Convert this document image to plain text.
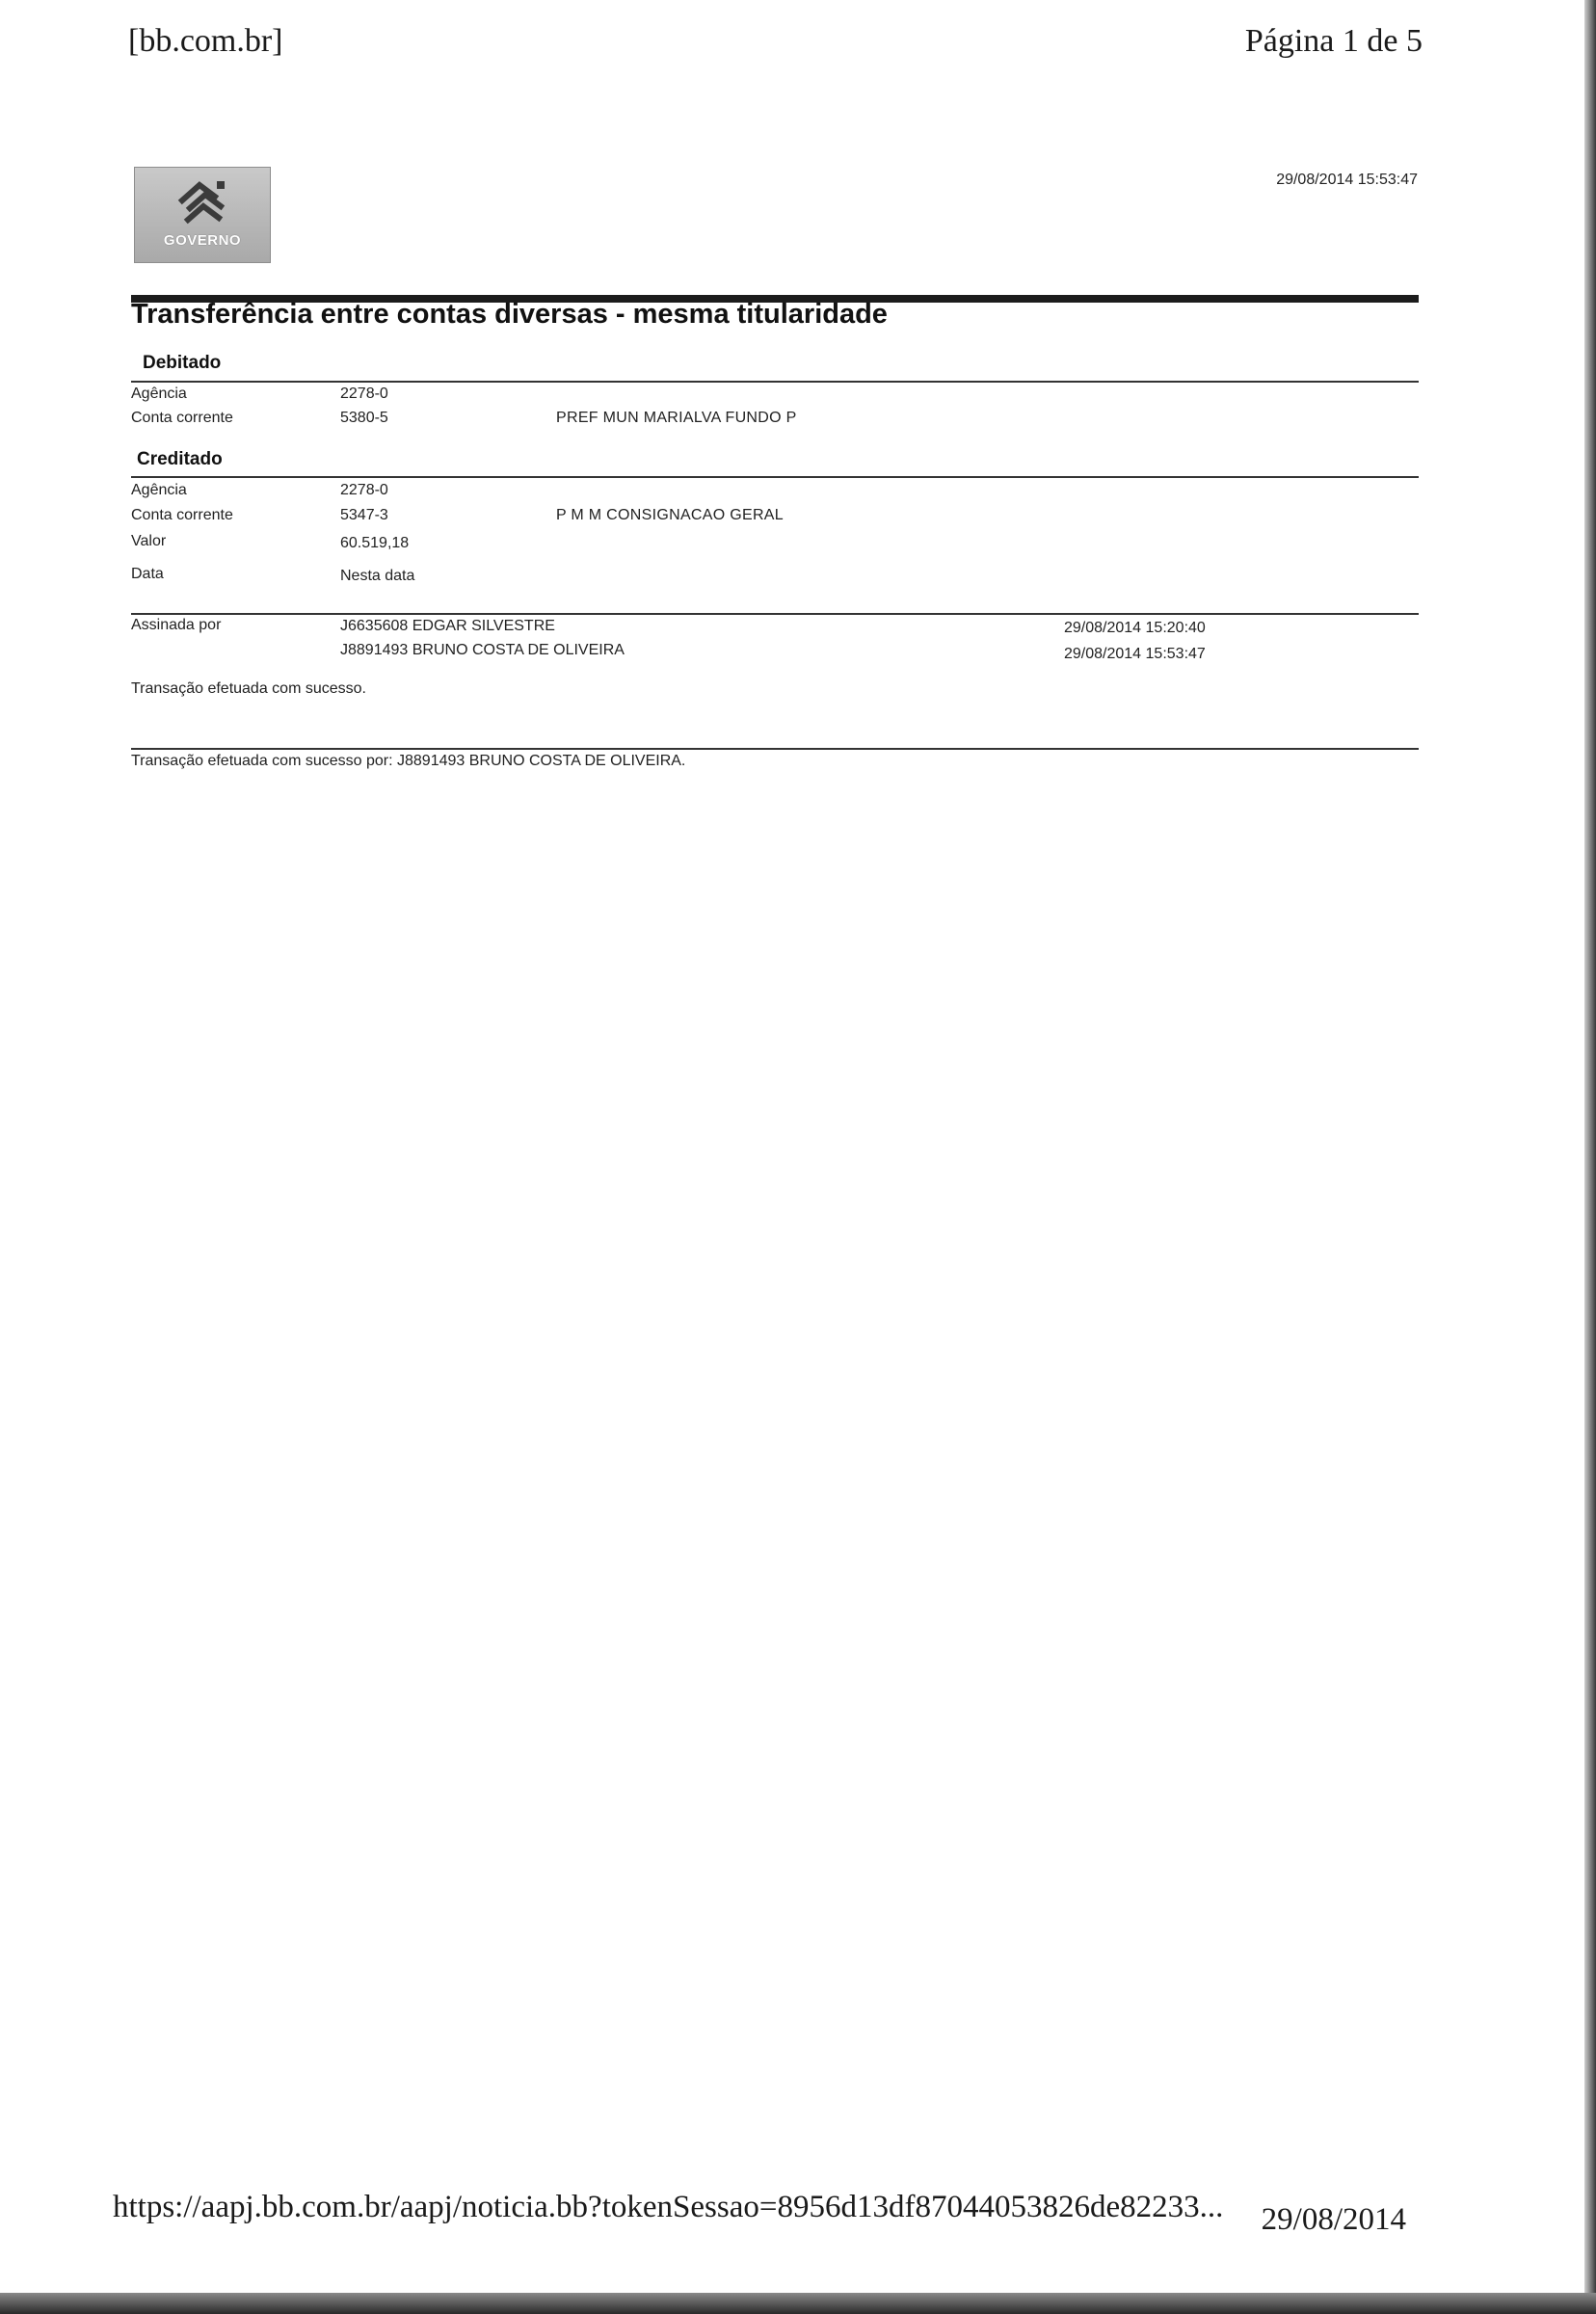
[bb.com.br]	Página 1 de 5
GOVERNO
29/08/2014 15:53:47
Transferência entre contas diversas - mesma titularidade
Debitado
Agência	2278-0
Conta corrente	5380-5	PREF MUN MARIALVA FUNDO P
Creditado
Agência	2278-0
Conta corrente	5347-3	P M M CONSIGNACAO GERAL
Valor	60.519,18
Data	Nesta data
Assinada por	J6635608 EDGAR SILVESTRE	29/08/2014 15:20:40
J8891493 BRUNO COSTA DE OLIVEIRA	29/08/2014 15:53:47
Transação efetuada com sucesso.
Transação efetuada com sucesso por: J8891493 BRUNO COSTA DE OLIVEIRA.
https://aapj.bb.com.br/aapj/noticia.bb?tokenSessao=8956d13df87044053826de82233... 29/08/2014
